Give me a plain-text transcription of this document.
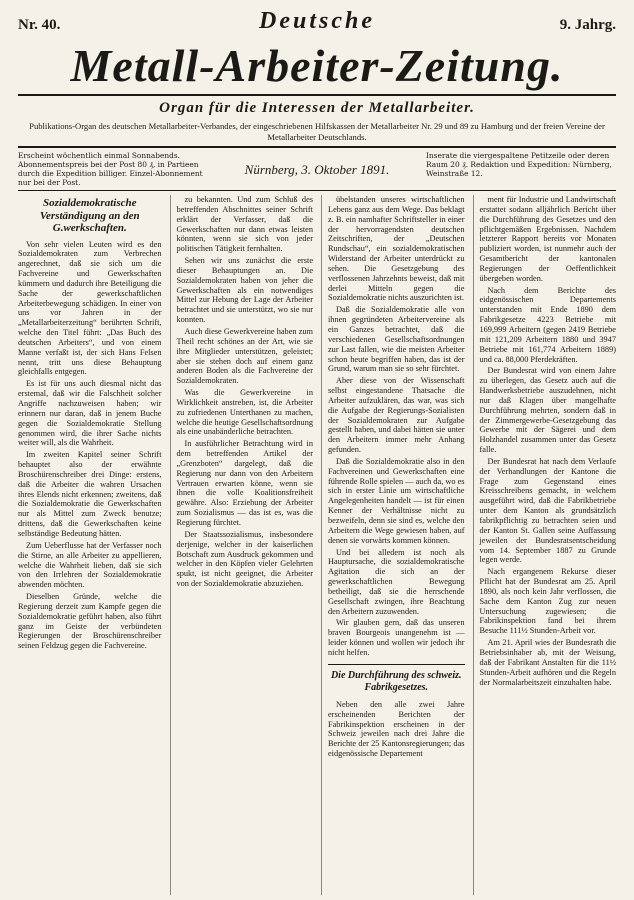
Nr. 40.	Deutsche	9. Jahrg.
Metall-Arbeiter-Zeitung.
Organ für die Interessen der Metallarbeiter.
Publikations-Organ des deutschen Metallarbeiter-Verbandes, der eingeschriebenen Hilfskassen der Metallarbeiter Nr. 29 und 89 zu Hamburg und der freien Vereine der Metallarbeiter Deutschlands.
Erscheint wöchentlich einmal Sonnabends. Abonnementspreis bei der Post 80 ₰, in Partieen durch die Expedition billiger. Einzel-Abonnement nur bei der Post.
Nürnberg, 3. Oktober 1891.
Inserate die viergespaltene Petitzeile oder deren Raum 20 ₰. Redaktion und Expedition: Nürnberg, Weinstraße 12.
Sozialdemokratische Verständigung an den G.werkschaften.

Von sehr vielen Leuten wird es den Sozialdemokraten zum Verbrechen angerechnet, daß sie sich um die Fachvereine und Gewerkschaften kümmern und dadurch ihre Beteiligung die Sache der gewerkschaftlichen Arbeiterbewegung schädigen. In einer von uns vor Jahren in der „Metallarbeiterzeitung“ berührten Schrift, welche den Titel führt: „Das Buch des deutschen Arbeiters“, und von einem Manne verfaßt ist, der sich Hans Felsen nennt, tritt uns diese Behauptung gleichfalls entgegen.

Es ist für uns auch diesmal nicht das erstemal, daß wir die Falschheit solcher Angriffe nachzuweisen haben; wir erinnern nur daran, daß in jenem Buche gegen die Sozialdemokratie Stellung genommen wird, die ihrer Sache nichts weiter will, als die Wahrheit.

Im zweiten Kapitel seiner Schrift behauptet also der erwähnte Broschürenschreiber drei Dinge: erstens, daß die Arbeiter die wahren Ursachen ihres Elends nicht erkennen; zweitens, daß die Sozialdemokratie die Gewerkschaften nur als Mittel zum Zweck benutze; drittens, daß die Gewerkschaften keine selbständige Bedeutung hätten.

Zum Ueberflusse hat der Verfasser noch die Stirne, an alle Arbeiter zu appellieren, welche die Wahrheit lieben, daß sie sich von den Irrlehren der Sozialdemokratie abwenden möchten.

Dieselben Gründe, welche die Regierung derzeit zum Kampfe gegen die Sozialdemokratie geführt haben, also führt ganz im Geiste der verbündeten Regierungen der Broschürenschreiber seinen Feldzug gegen die Fachvereine.

zu bekannten. Und zum Schluß des betreffenden Abschnittes seiner Schrift erklärt der Verfasser, daß die Gewerkschaften nur dann etwas leisten könnten, wenn sie sich von jeder politischen Tätigkeit fernhalten.

Sehen wir uns zunächst die erste dieser Behauptungen an. Die Sozialdemokraten haben von jeher die Gewerkschaften als ein notwendiges Mittel zur Hebung der Lage der Arbeiter betrachtet und sie unterstützt, wo sie nur konnten.

Auch diese Gewerkvereine haben zum Theil recht schönes an der Art, wie sie ihre Mitglieder unterstützen, geleistet; aber sie stehen doch auf einem ganz anderen Boden als die Fachvereine der Sozialdemokraten.

Was die Gewerkvereine in Wirklichkeit anstreben, ist, die Arbeiter zu zufriedenen Unterthanen zu machen, welche die heutige Gesellschaftsordnung als eine unabänderliche betrachten.

In ausführlicher Betrachtung wird in dem betreffenden Artikel der „Grenzboten“ dargelegt, daß die Regierung nur dann von den Arbeitern Vertrauen erwarten könne, wenn sie ihnen die volle Koalitionsfreiheit gewähre. Also: Erziehung der Arbeiter zum Sozialismus — das ist es, was die Regierung fürchtet.

Der Staatssozialismus, insbesondere derjenige, welcher in der kaiserlichen Botschaft zum Ausdruck gekommen und welcher in den Köpfen vieler Gelehrten spukt, ist nicht geeignet, die Arbeiter von der Sozialdemokratie abzuziehen.

übelstanden unseres wirtschaftlichen Lebens ganz aus dem Wege. Das beklagt z. B. ein namhafter Schriftsteller in einer der hervorragendsten deutschen Zeitschriften, der „Deutschen Rundschau“, ein sozialdemokratischen Widerstand der Arbeiter unterdrückt zu sehen. Die Gesetzgebung des verflossenen Jahrzehnts beweist, daß mit derlei Mitteln gegen die Sozialdemokratie nichts auszurichten ist.

Daß die Sozialdemokratie alle von ihnen gegründeten Arbeitervereine als ein Ganzes betrachtet, daß die verschiedenen Gesellschaftsordnungen zur Last fallen, wie die meisten Arbeiter schon heute begriffen haben, das ist der Grund, warum man sie so sehr fürchtet.

Aber diese von der Wissenschaft selbst eingestandene Thatsache die Arbeiter aufzuklären, das war, was sich die Aufgabe der Regierungs-Sozialisten der Sozialdemokraten zur Aufgabe gestellt haben, und dabei hätten sie unter den Arbeitern immer mehr Anhang gefunden.

Daß die Sozialdemokratie also in den Fachvereinen und Gewerkschaften eine führende Rolle spielen — auch da, wo es sich in erster Linie um wirtschaftliche Angelegenheiten handelt — ist für einen Kenner der Verhältnisse nicht zu bezweifeln, denn sie sind es, welche den Arbeitern die Wege gewiesen haben, auf denen sie vorwärts kommen können.

Und bei alledem ist noch als Hauptursache, die sozialdemokratische Agitation die sich an der gewerkschaftlichen Bewegung betheiligt, daß sie die herrschende Gesellschaft zwingen, ihre Beachtung den Arbeitern zuzuwenden.

Wir glauben gern, daß das unseren braven Bourgeois unangenehm ist — leider können und wollen wir jedoch ihr nicht helfen.

Die Durchführung des schweiz. Fabrikgesetzes.

Neben den alle zwei Jahre erscheinenden Berichten der Fabrikinspektion erscheinen in der Schweiz jeweilen nach drei Jahre die Berichte der 25 Kantonsregierungen; das eidgenössische Departement

ment für Industrie und Landwirtschaft erstattet sodann alljährlich Bericht über die Durchführung des Gesetzes und den pflichtgemäßen Ergebnissen. Nachdem letzterer Rapport bereits vor Monaten publiziert worden, ist nunmehr auch der Gesamtbericht der kantonalen Regierungen der Oeffentlichkeit übergeben worden.

Nach dem Berichte des eidgenössischen Departements unterstanden mit Ende 1890 dem Fabrikgesetze 4223 Betriebe mit 169,999 Arbeitern (gegen 2419 Betriebe mit 121,209 Arbeitern 1880 und 3947 Betriebe mit 161,774 Arbeitern 1889) und ca. 88,000 Pferdekräften.

Der Bundesrat wird von einem Jahre zu überlegen, das Gesetz auch auf die Handwerksbetriebe auszudehnen, nicht nur daß Klagen über mangelhafte Durchführung mehrten, sondern daß in der Zimmergewerbe-Gesetzgebung das Gewerbe mit der Sägerei und dem Holzhandel zusammen unter das Gesetz falle.

Der Bundesrat hat nach dem Verlaufe der Verhandlungen der Kantone die Frage zum Gegenstand eines Kreisschreibens gemacht, in welchem ausgeführt wird, daß die Fabrikbetriebe unter dem Kanton als grundsätzlich fabrikpflichtig zu betrachten seien und der Kanton St. Gallen seine Auffassung jeweilen der Bundesratsentscheidung vom 14. September 1887 zu Grunde legen werde.

Nach ergangenem Rekurse dieser Pflicht hat der Bundesrat am 25. April 1890, als noch kein Jahr verflossen, die Sache dem Kanton Zug zur neuen Untersuchung zugewiesen; die Fabrikinspektion fand bei ihrem Besuche 111½ Stunden-Arbeit vor.

Am 21. April wies der Bundesrath die Betriebsinhaber ab, mit der Weisung, daß der Fabrikant Anstalten für die 11½ Stunden-Arbeit aufhören und die Regeln der Normalarbeitszeit einzuhalten habe.
